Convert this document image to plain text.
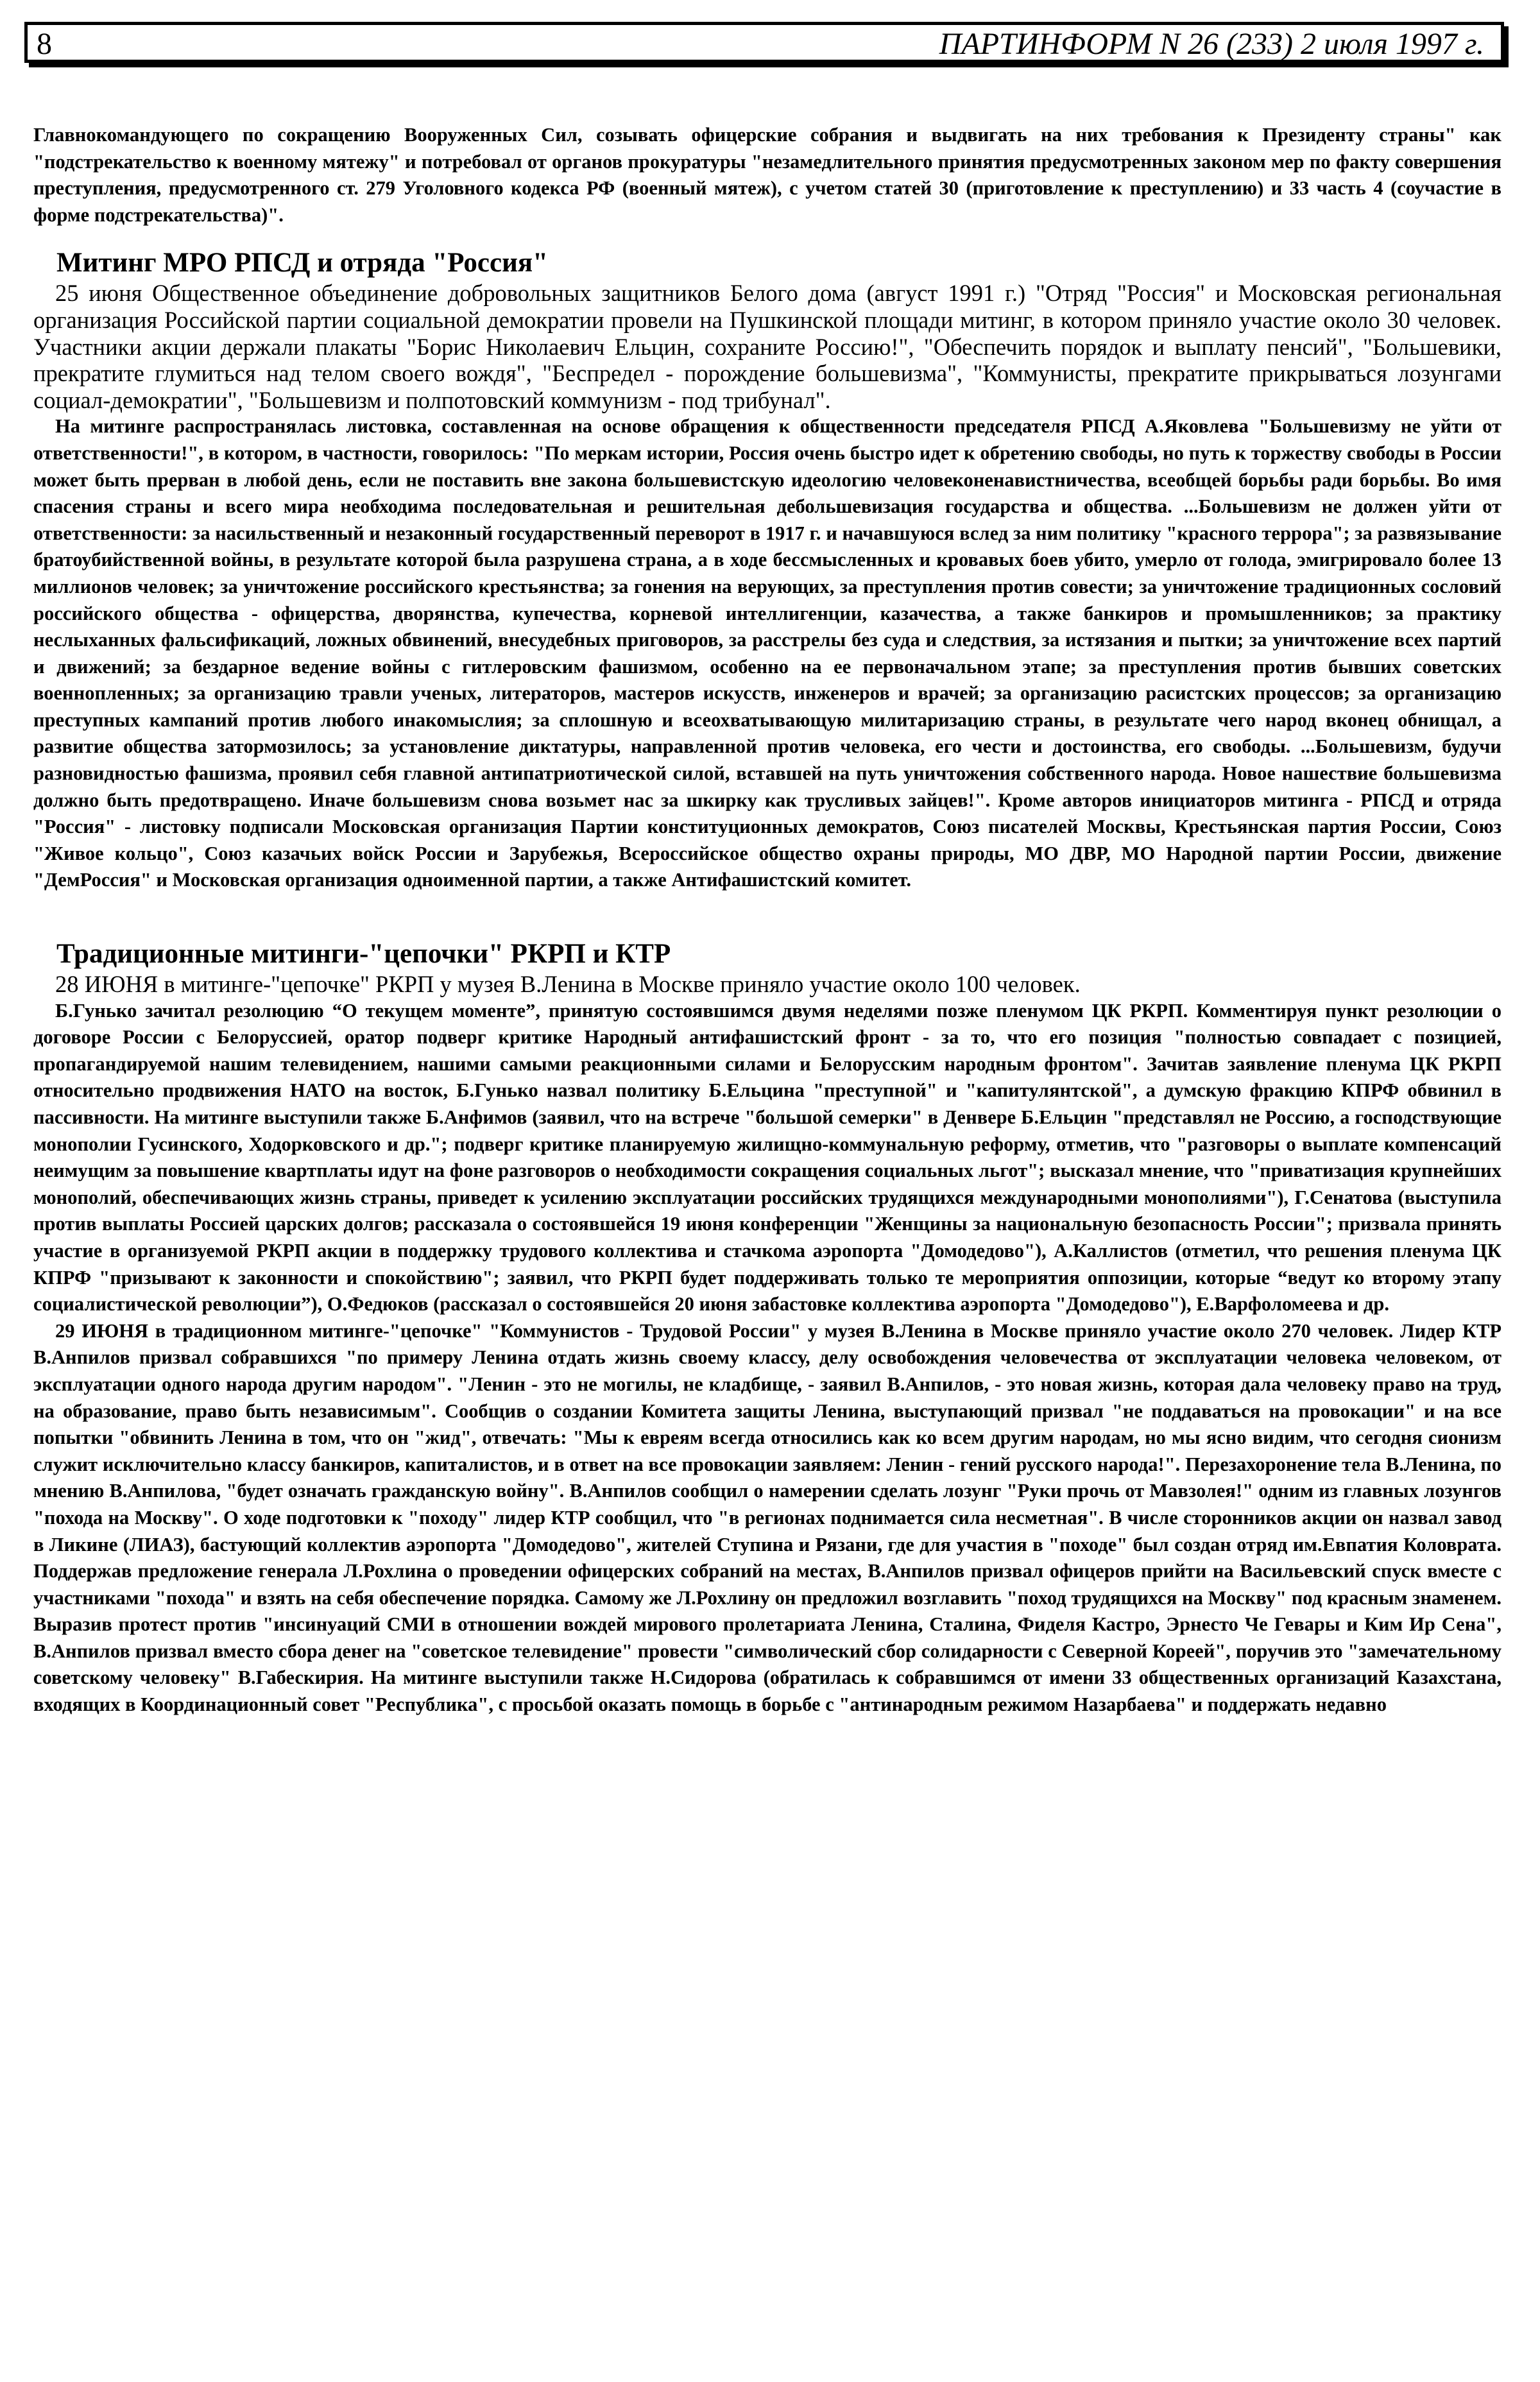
8	ПАРТИНФОРМ N 26 (233) 2 июля 1997 г.

Главнокомандующего по сокращению Вооруженных Сил, созывать офицерские собрания и выдвигать на них требования к Президенту страны" как "подстрекательство к военному мятежу" и потребовал от органов прокуратуры "незамедлительного принятия предусмотренных законом мер по факту совершения преступления, предусмотренного ст. 279 Уголовного кодекса РФ (военный мятеж), с учетом статей 30 (приготовление к преступлению) и 33 часть 4 (соучастие в форме подстрекательства)".

Митинг МРО РПСД и отряда "Россия"

25 июня Общественное объединение добровольных защитников Белого дома (август 1991 г.) "Отряд "Россия" и Московская региональная организация Российской партии социальной демократии провели на Пушкинской площади митинг, в котором приняло участие около 30 человек. Участники акции держали плакаты "Борис Николаевич Ельцин, сохраните Россию!", "Обеспечить порядок и выплату пенсий", "Большевики, прекратите глумиться над телом своего вождя", "Беспредел - порождение большевизма", "Коммунисты, прекратите прикрываться лозунгами социал-демократии", "Большевизм и полпотовский коммунизм - под трибунал".

На митинге распространялась листовка, составленная на основе обращения к общественности председателя РПСД А.Яковлева "Большевизму не уйти от ответственности!", в котором, в частности, говорилось: "По меркам истории, Россия очень быстро идет к обретению свободы, но путь к торжеству свободы в России может быть прерван в любой день, если не поставить вне закона большевистскую идеологию человеконенавистничества, всеобщей борьбы ради борьбы. Во имя спасения страны и всего мира необходима последовательная и решительная дебольшевизация государства и общества. ...Большевизм не должен уйти от ответственности: за насильственный и незаконный государственный переворот в 1917 г. и начавшуюся вслед за ним политику "красного террора"; за развязывание братоубийственной войны, в результате которой была разрушена страна, а в ходе бессмысленных и кровавых боев убито, умерло от голода, эмигрировало более 13 миллионов человек; за уничтожение российского крестьянства; за гонения на верующих, за преступления против совести; за уничтожение традиционных сословий российского общества - офицерства, дворянства, купечества, корневой интеллигенции, казачества, а также банкиров и промышленников; за практику неслыханных фальсификаций, ложных обвинений, внесудебных приговоров, за расстрелы без суда и следствия, за истязания и пытки; за уничтожение всех партий и движений; за бездарное ведение войны с гитлеровским фашизмом, особенно на ее первоначальном этапе; за преступления против бывших советских военнопленных; за организацию травли ученых, литераторов, мастеров искусств, инженеров и врачей; за организацию расистских процессов; за организацию преступных кампаний против любого инакомыслия; за сплошную и всеохватывающую милитаризацию страны, в результате чего народ вконец обнищал, а развитие общества затормозилось; за установление диктатуры, направленной против человека, его чести и достоинства, его свободы. ...Большевизм, будучи разновидностью фашизма, проявил себя главной антипатриотической силой, вставшей на путь уничтожения собственного народа. Новое нашествие большевизма должно быть предотвращено. Иначе большевизм снова возьмет нас за шкирку как трусливых зайцев!". Кроме авторов инициаторов митинга - РПСД и отряда "Россия" - листовку подписали Московская организация Партии конституционных демократов, Союз писателей Москвы, Крестьянская партия России, Союз "Живое кольцо", Союз казачьих войск России и Зарубежья, Всероссийское общество охраны природы, МО ДВР, МО Народной партии России, движение "ДемРоссия" и Московская организация одноименной партии, а также Антифашистский комитет.

Традиционные митинги-"цепочки" РКРП и КТР

28 ИЮНЯ в митинге-"цепочке" РКРП у музея В.Ленина в Москве приняло участие около 100 человек.

Б.Гунько зачитал резолюцию “О текущем моменте”, принятую состоявшимся двумя неделями позже пленумом ЦК РКРП. Комментируя пункт резолюции о договоре России с Белоруссией, оратор подверг критике Народный антифашистский фронт - за то, что его позиция "полностью совпадает с позицией, пропагандируемой нашим телевидением, нашими самыми реакционными силами и Белорусским народным фронтом". Зачитав заявление пленума ЦК РКРП относительно продвижения НАТО на восток, Б.Гунько назвал политику Б.Ельцина "преступной" и "капитулянтской", а думскую фракцию КПРФ обвинил в пассивности. На митинге выступили также Б.Анфимов (заявил, что на встрече "большой семерки" в Денвере Б.Ельцин "представлял не Россию, а господствующие монополии Гусинского, Ходорковского и др."; подверг критике планируемую жилищно-коммунальную реформу, отметив, что "разговоры о выплате компенсаций неимущим за повышение квартплаты идут на фоне разговоров о необходимости сокращения социальных льгот"; высказал мнение, что "приватизация крупнейших монополий, обеспечивающих жизнь страны, приведет к усилению эксплуатации российских трудящихся международными монополиями"), Г.Сенатова (выступила против выплаты Россией царских долгов; рассказала о состоявшейся 19 июня конференции "Женщины за национальную безопасность России"; призвала принять участие в организуемой РКРП акции в поддержку трудового коллектива и стачкома аэропорта "Домодедово"), А.Каллистов (отметил, что решения пленума ЦК КПРФ "призывают к законности и спокойствию"; заявил, что РКРП будет поддерживать только те мероприятия оппозиции, которые “ведут ко второму этапу социалистической революции”), О.Федюков (рассказал о состоявшейся 20 июня забастовке коллектива аэропорта "Домодедово"), Е.Варфоломеева и др.

29 ИЮНЯ в традиционном митинге-"цепочке" "Коммунистов - Трудовой России" у музея В.Ленина в Москве приняло участие около 270 человек. Лидер КТР В.Анпилов призвал собравшихся "по примеру Ленина отдать жизнь своему классу, делу освобождения человечества от эксплуатации человека человеком, от эксплуатации одного народа другим народом". "Ленин - это не могилы, не кладбище, - заявил В.Анпилов, - это новая жизнь, которая дала человеку право на труд, на образование, право быть независимым". Сообщив о создании Комитета защиты Ленина, выступающий призвал "не поддаваться на провокации" и на все попытки "обвинить Ленина в том, что он "жид", отвечать: "Мы к евреям всегда относились как ко всем другим народам, но мы ясно видим, что сегодня сионизм служит исключительно классу банкиров, капиталистов, и в ответ на все провокации заявляем: Ленин - гений русского народа!". Перезахоронение тела В.Ленина, по мнению В.Анпилова, "будет означать гражданскую войну". В.Анпилов сообщил о намерении сделать лозунг "Руки прочь от Мавзолея!" одним из главных лозунгов "похода на Москву". О ходе подготовки к "походу" лидер КТР сообщил, что "в регионах поднимается сила несметная". В числе сторонников акции он назвал завод в Ликине (ЛИАЗ), бастующий коллектив аэропорта "Домодедово", жителей Ступина и Рязани, где для участия в "походе" был создан отряд им.Евпатия Коловрата. Поддержав предложение генерала Л.Рохлина о проведении офицерских собраний на местах, В.Анпилов призвал офицеров прийти на Васильевский спуск вместе с участниками "похода" и взять на себя обеспечение порядка. Самому же Л.Рохлину он предложил возглавить "поход трудящихся на Москву" под красным знаменем. Выразив протест против "инсинуаций СМИ в отношении вождей мирового пролетариата Ленина, Сталина, Фиделя Кастро, Эрнесто Че Гевары и Ким Ир Сена", В.Анпилов призвал вместо сбора денег на "советское телевидение" провести "символический сбор солидарности с Северной Кореей", поручив это "замечательному советскому человеку" В.Габескирия. На митинге выступили также Н.Сидорова (обратилась к собравшимся от имени 33 общественных организаций Казахстана, входящих в Координационный совет "Республика", с просьбой оказать помощь в борьбе с "антинародным режимом Назарбаева" и поддержать недавно
